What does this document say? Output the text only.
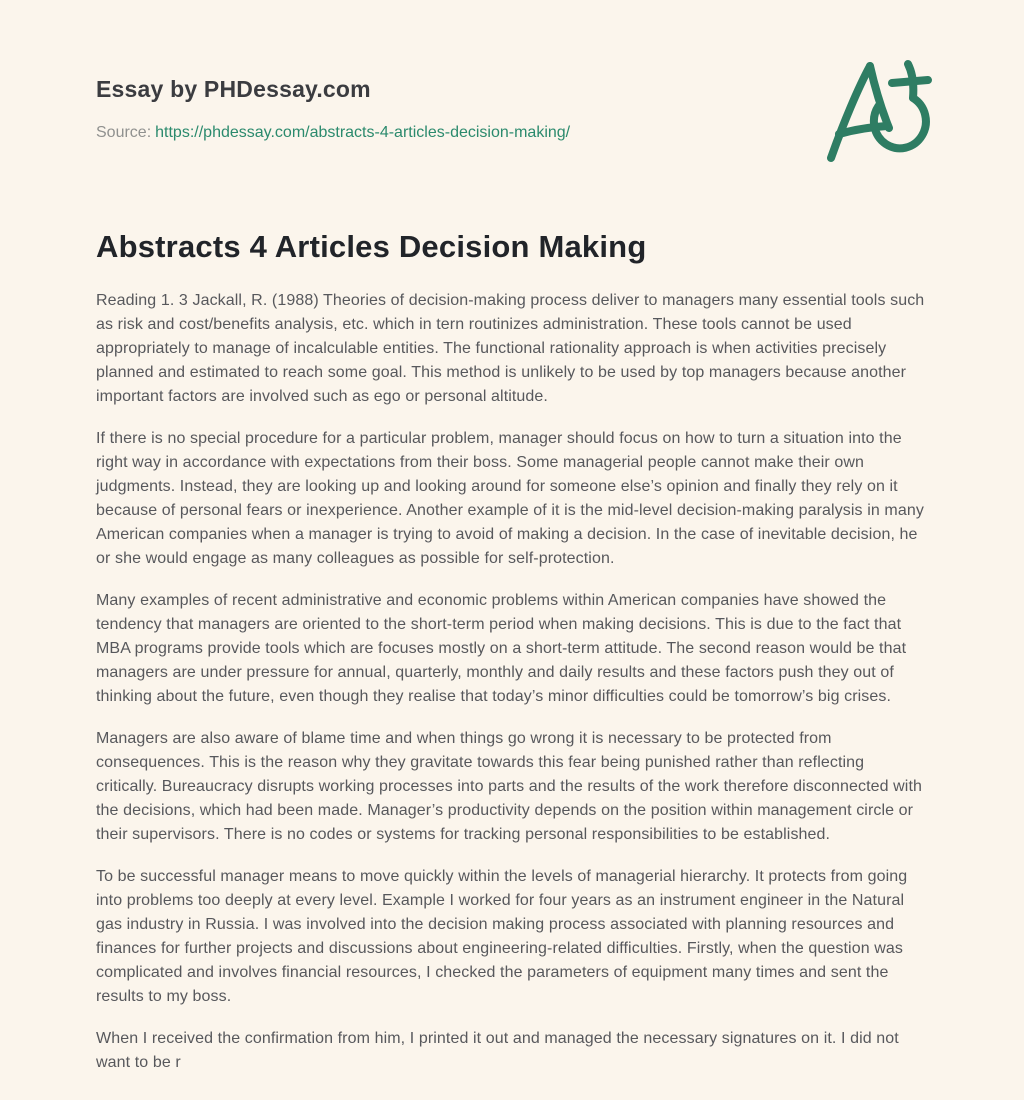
Essay by PHDessay.com
Source: https://phdessay.com/abstracts-4-articles-decision-making/
Abstracts 4 Articles Decision Making

Reading 1. 3 Jackall, R. (1988) Theories of decision-making process deliver to managers many essential tools such as risk and cost/benefits analysis, etc. which in tern routinizes administration. These tools cannot be used appropriately to manage of incalculable entities. The functional rationality approach is when activities precisely planned and estimated to reach some goal. This method is unlikely to be used by top managers because another important factors are involved such as ego or personal altitude.

If there is no special procedure for a particular problem, manager should focus on how to turn a situation into the right way in accordance with expectations from their boss. Some managerial people cannot make their own judgments. Instead, they are looking up and looking around for someone else’s opinion and finally they rely on it because of personal fears or inexperience. Another example of it is the mid-level decision-making paralysis in many American companies when a manager is trying to avoid of making a decision. In the case of inevitable decision, he or she would engage as many colleagues as possible for self-protection.

Many examples of recent administrative and economic problems within American companies have showed the tendency that managers are oriented to the short-term period when making decisions. This is due to the fact that MBA programs provide tools which are focuses mostly on a short-term attitude. The second reason would be that managers are under pressure for annual, quarterly, monthly and daily results and these factors push they out of thinking about the future, even though they realise that today’s minor difficulties could be tomorrow’s big crises.

Managers are also aware of blame time and when things go wrong it is necessary to be protected from consequences. This is the reason why they gravitate towards this fear being punished rather than reflecting critically. Bureaucracy disrupts working processes into parts and the results of the work therefore disconnected with the decisions, which had been made. Manager’s productivity depends on the position within management circle or their supervisors. There is no codes or systems for tracking personal responsibilities to be established.

To be successful manager means to move quickly within the levels of managerial hierarchy. It protects from going into problems too deeply at every level. Example I worked for four years as an instrument engineer in the Natural gas industry in Russia. I was involved into the decision making process associated with planning resources and finances for further projects and discussions about engineering-related difficulties. Firstly, when the question was complicated and involves financial resources, I checked the parameters of equipment many times and sent the results to my boss.

When I received the confirmation from him, I printed it out and managed the necessary signatures on it. I did not want to be r
